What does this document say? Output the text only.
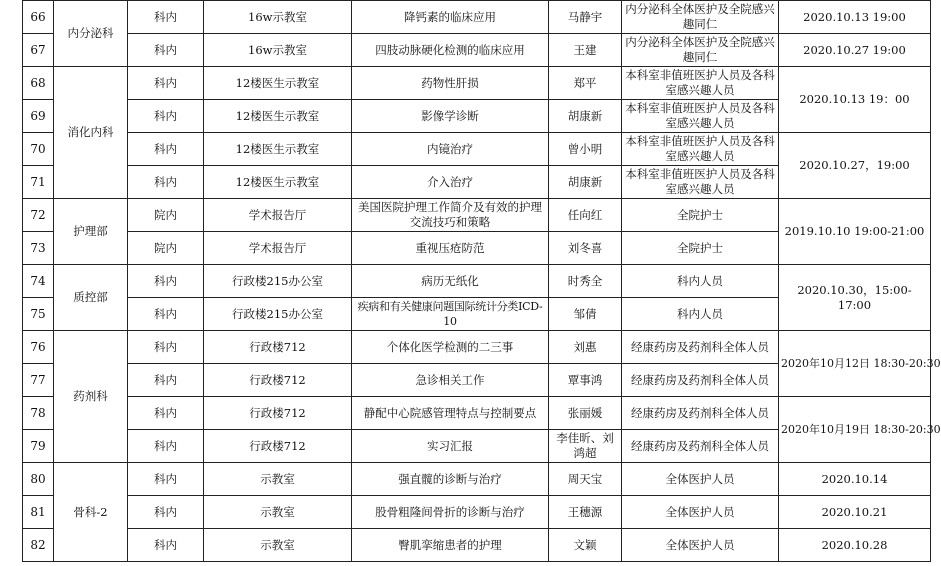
66	内分泌科	科内	16w示教室	降钙素的临床应用	马静宇	内分泌科全体医护及全院感兴趣同仁	2020.10.13 19:00
67		科内	16w示教室	四肢动脉硬化检测的临床应用	王建	内分泌科全体医护及全院感兴趣同仁	2020.10.27 19:00
68	消化内科	科内	12楼医生示教室	药物性肝损	郑平	本科室非值班医护人员及各科室感兴趣人员	2020.10.13 19：00
69		科内	12楼医生示教室	影像学诊断	胡康新	本科室非值班医护人员及各科室感兴趣人员	
70		科内	12楼医生示教室	内镜治疗	曾小明	本科室非值班医护人员及各科室感兴趣人员	2020.10.27，19:00
71		科内	12楼医生示教室	介入治疗	胡康新	本科室非值班医护人员及各科室感兴趣人员	
72	护理部	院内	学术报告厅	美国医院护理工作简介及有效的护理交流技巧和策略	任向红	全院护士	2019.10.10 19:00-21:00
73		院内	学术报告厅	重视压疮防范	刘冬喜	全院护士	
74	质控部	科内	行政楼215办公室	病历无纸化	时秀全	科内人员	2020.10.30，15:00-17:00
75		科内	行政楼215办公室	疾病和有关健康问题国际统计分类ICD-10	邹倩	科内人员	
76	药剂科	科内	行政楼712	个体化医学检测的二三事	刘惠	经康药房及药剂科全体人员	2020年10月12日 18:30-20:30
77		科内	行政楼712	急诊相关工作	覃事鸿	经康药房及药剂科全体人员	
78		科内	行政楼712	静配中心院感管理特点与控制要点	张丽媛	经康药房及药剂科全体人员	2020年10月19日 18:30-20:30
79		科内	行政楼712	实习汇报	李佳昕、刘鸿超	经康药房及药剂科全体人员	
80	骨科-2	科内	示教室	强直髋的诊断与治疗	周天宝	全体医护人员	2020.10.14
81		科内	示教室	股骨粗隆间骨折的诊断与治疗	王穗源	全体医护人员	2020.10.21
82		科内	示教室	臀肌挛缩患者的护理	文颖	全体医护人员	2020.10.28
